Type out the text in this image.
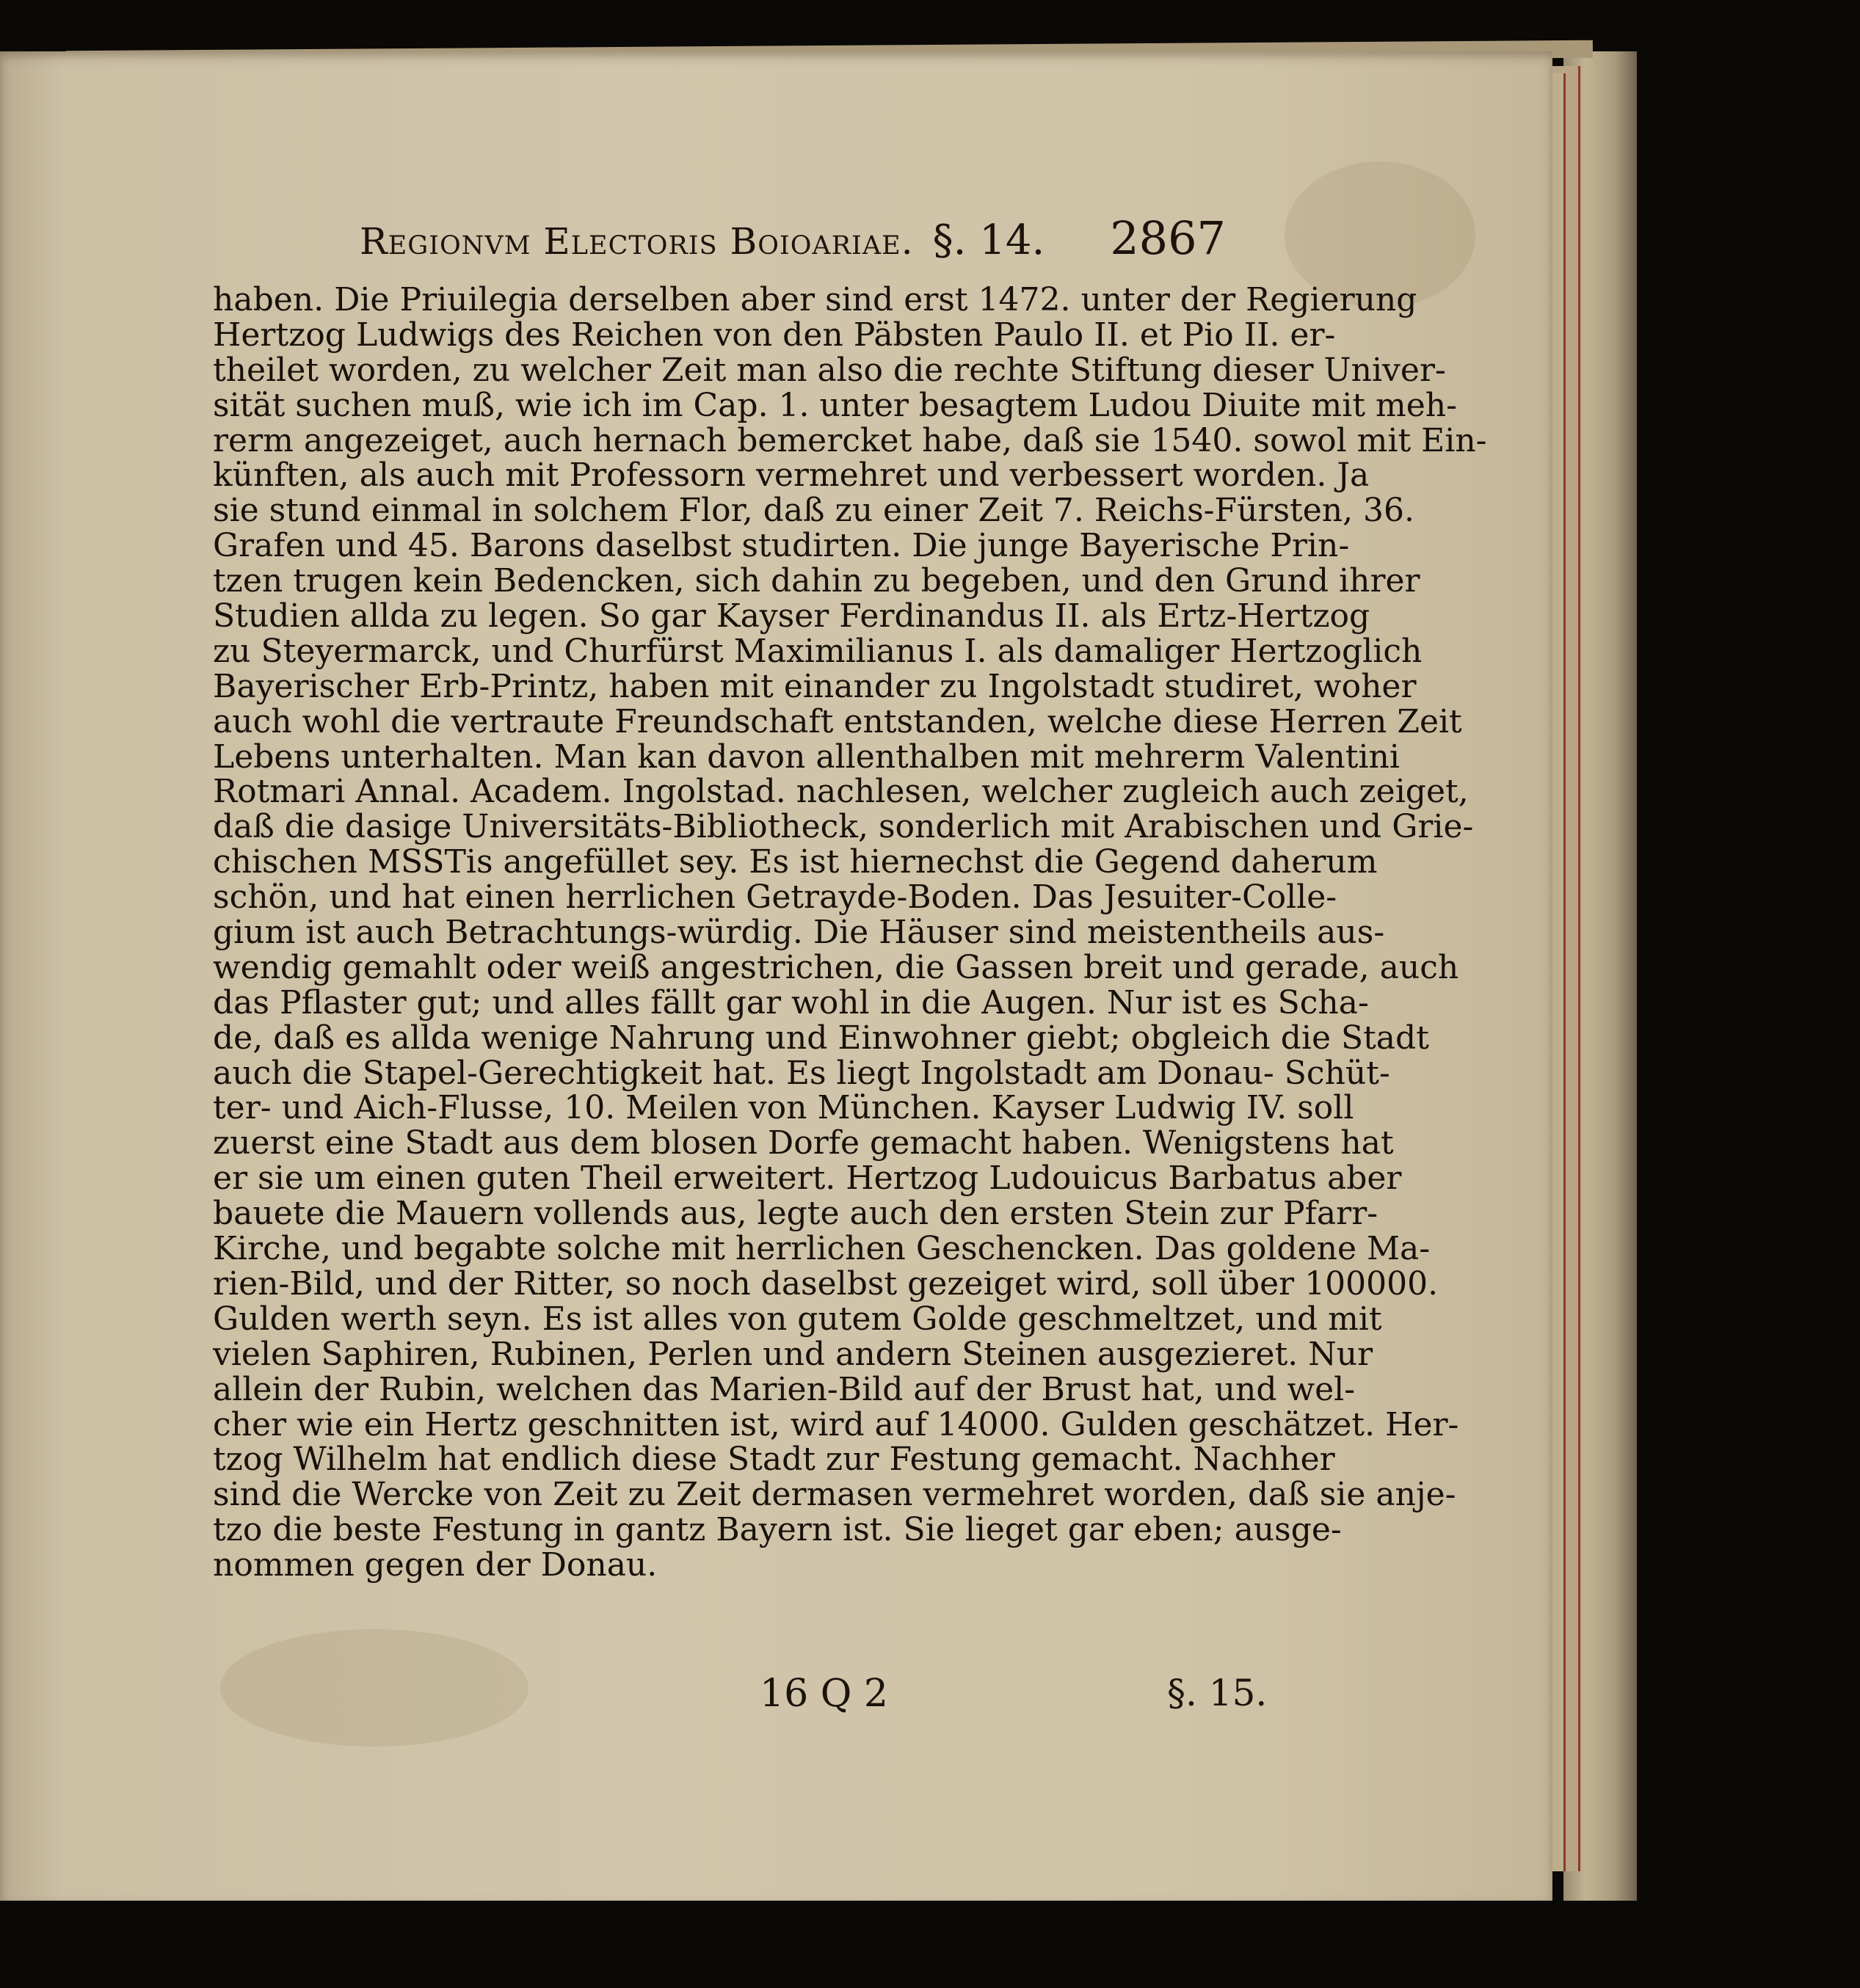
Regionvm Electoris Boioariae. §. 14. 2867
haben. Die Priuilegia derselben aber sind erst 1472. unter der Regierung
Hertzog Ludwigs des Reichen von den Päbsten Paulo II. et Pio II. er-
theilet worden, zu welcher Zeit man also die rechte Stiftung dieser Univer-
sität suchen muß, wie ich im Cap. 1. unter besagtem Ludou Diuite mit meh-
rerm angezeiget, auch hernach bemercket habe, daß sie 1540. sowol mit Ein-
künften, als auch mit Professorn vermehret und verbessert worden. Ja
sie stund einmal in solchem Flor, daß zu einer Zeit 7. Reichs-Fürsten, 36.
Grafen und 45. Barons daselbst studirten. Die junge Bayerische Prin-
tzen trugen kein Bedencken, sich dahin zu begeben, und den Grund ihrer
Studien allda zu legen. So gar Kayser Ferdinandus II. als Ertz-Hertzog
zu Steyermarck, und Churfürst Maximilianus I. als damaliger Hertzoglich
Bayerischer Erb-Printz, haben mit einander zu Ingolstadt studiret, woher
auch wohl die vertraute Freundschaft entstanden, welche diese Herren Zeit
Lebens unterhalten. Man kan davon allenthalben mit mehrerm Valentini
Rotmari Annal. Academ. Ingolstad. nachlesen, welcher zugleich auch zeiget,
daß die dasige Universitäts-Bibliotheck, sonderlich mit Arabischen und Grie-
chischen MSSTis angefüllet sey. Es ist hiernechst die Gegend daherum
schön, und hat einen herrlichen Getrayde-Boden. Das Jesuiter-Colle-
gium ist auch Betrachtungs-würdig. Die Häuser sind meistentheils aus-
wendig gemahlt oder weiß angestrichen, die Gassen breit und gerade, auch
das Pflaster gut; und alles fällt gar wohl in die Augen. Nur ist es Scha-
de, daß es allda wenige Nahrung und Einwohner giebt; obgleich die Stadt
auch die Stapel-Gerechtigkeit hat. Es liegt Ingolstadt am Donau- Schüt-
ter- und Aich-Flusse, 10. Meilen von München. Kayser Ludwig IV. soll
zuerst eine Stadt aus dem blosen Dorfe gemacht haben. Wenigstens hat
er sie um einen guten Theil erweitert. Hertzog Ludouicus Barbatus aber
bauete die Mauern vollends aus, legte auch den ersten Stein zur Pfarr-
Kirche, und begabte solche mit herrlichen Geschencken. Das goldene Ma-
rien-Bild, und der Ritter, so noch daselbst gezeiget wird, soll über 100000.
Gulden werth seyn. Es ist alles von gutem Golde geschmeltzet, und mit
vielen Saphiren, Rubinen, Perlen und andern Steinen ausgezieret. Nur
allein der Rubin, welchen das Marien-Bild auf der Brust hat, und wel-
cher wie ein Hertz geschnitten ist, wird auf 14000. Gulden geschätzet. Her-
tzog Wilhelm hat endlich diese Stadt zur Festung gemacht. Nachher
sind die Wercke von Zeit zu Zeit dermasen vermehret worden, daß sie anje-
tzo die beste Festung in gantz Bayern ist. Sie lieget gar eben; ausge-
nommen gegen der Donau.
16 Q 2	§. 15.
